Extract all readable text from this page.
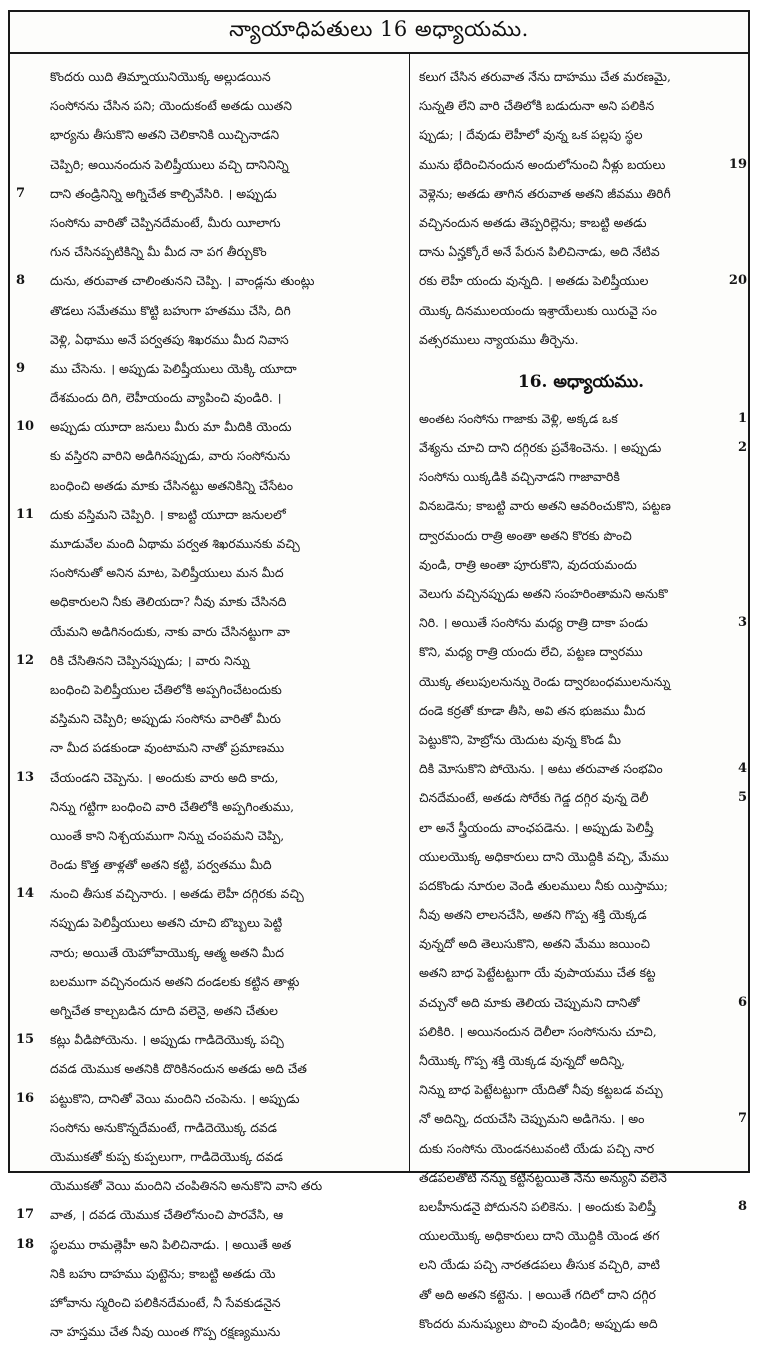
న్యాయాధిపతులు 16 అధ్యాయము.
కొందరు యిది తిమ్నాయునియొక్క అల్లుడయిన
సంసోనను చేసిన పని; యెందుకంటే అతడు యితని
భార్యను తీసుకొని అతని చెలికానికి యిచ్చినాడని
చెప్పిరి; అయినందున పెలిష్తీయులు వచ్చి దానినిన్ని
7 దాని తండ్రినిన్ని అగ్నిచేత కాల్చివేసిరి. । అప్పుడు
సంసోను వారితో చెప్పినదేమంటే, మీరు యీలాగు
గున చేసినప్పటికిన్ని మీ మీద నా పగ తీర్చుకొం
8 దును, తరువాత చాలింతునని చెప్పి. । వాండ్లను తుంట్లు
తొడలు సమేతము కొట్టి బహుగా హతము చేసి, దిగి
వెళ్లి, ఏథాము అనే పర్వతపు శిఖరము మీద నివాస
9 ము చేసెను. । అప్పుడు పెలిష్తీయులు యెక్కి యూదా
దేశమందు దిగి, లెహీయందు వ్యాపించి వుండిరి. ।
10 అప్పుడు యూదా జనులు మీరు మా మీదికి యెందు
కు వస్తిరని వారిని అడిగినప్పుడు, వారు సంసోనును
బంధించి అతడు మాకు చేసినట్టు అతనికిన్ని చేసేటం
11 దుకు వస్తిమని చెప్పిరి. । కాబట్టి యూదా జనులలో
మూడువేల మంది ఏథామ పర్వత శిఖరమునకు వచ్చి
సంసోనుతో అనిన మాట, పెలిష్తీయులు మన మీద
అధికారులని నీకు తెలియదా? నీవు మాకు చేసినది
యేమని అడిగినందుకు, నాకు వారు చేసినట్టుగా వా
12 రికి చేసితినని చెప్పినప్పుడు; । వారు నిన్ను
బంధించి పెలిష్తీయుల చేతిలోకి అప్పగించేటందుకు
వస్తిమని చెప్పిరి; అప్పుడు సంసోను వారితో మీరు
నా మీద పడకుండా వుంటామని నాతో ప్రమాణము
13 చేయండని చెప్పెను. । అందుకు వారు అది కాదు,
నిన్ను గట్టిగా బంధించి వారి చేతిలోకి అప్పగింతుము,
యింతే కాని నిశ్చయముగా నిన్ను చంపమని చెప్పి,
రెండు కొత్త తాళ్లతో అతని కట్టి, పర్వతము మీది
14 నుంచి తీసుక వచ్చినారు. । అతడు లెహీ దగ్గిరకు వచ్చి
నప్పుడు పెలిష్తీయులు అతని చూచి బొబ్బలు పెట్టి
నారు; అయితే యెహోవాయొక్క ఆత్మ అతని మీద
బలముగా వచ్చినందున అతని దండలకు కట్టిన తాళ్లు
అగ్నిచేత కాల్చబడిన దూది వలెనై, అతని చేతుల
15 కట్లు వీడిపోయెను. । అప్పుడు గాడిదెయొక్క పచ్చి
దవడ యెముక అతనికి దొరికినందున అతడు అది చేత
16 పట్టుకొని, దానితో వెయి మందిని చంపెను. । అప్పుడు
సంసోను అనుకొన్నదేమంటే, గాడిదెయొక్క దవడ
యెముకతో కుప్ప కుప్పలుగా, గాడిదెయొక్క దవడ
యెముకతో వెయి మందిని చంపితినని అనుకొని వాని తరు
17 వాత, । దవడ యెముక చేతిలోనుంచి పారవేసి, ఆ
18 స్థలము రామత్లెహీ అని పిలిచినాడు. । అయితే అత
నికి బహు దాహము పుట్టెను; కాబట్టి అతడు యె
హోవాను స్మరించి పలికినదేమంటే, నీ సేవకుడనైన
నా హస్తము చేత నీవు యింత గొప్ప రక్షణ్యమును
కలుగ చేసిన తరువాత నేను దాహము చేత మరణమై,
సున్నతి లేని వారి చేతిలోకి బడుదునా అని పలికిన
ప్పుడు; । దేవుడు లెహీలో వున్న ఒక పల్లపు స్థల
19
మును భేదించినందున అందులోనుంచి నీళ్లు బయలు
వెళ్లెను; అతడు తాగిన తరువాత అతని జీవము తిరిగీ
వచ్చినందున అతడు తెప్పరిల్లెను; కాబట్టి అతడు
దాను ఏన్హక్కోరే అనే పేరున పిలిచినాడు, అది నేటివ
20
రకు లెహీ యందు వున్నది. । అతడు పెలిష్తీయుల
యొక్క దినములయందు ఇశ్రాయేలుకు యిరువై సం
వత్సరములు న్యాయము తీర్చెను.
16. అధ్యాయము.
1
అంతట సంసోను గాజాకు వెళ్లి, అక్కడ ఒక
2
వేశ్యను చూచి దాని దగ్గిరకు ప్రవేశించెను. । అప్పుడు
సంసోను యిక్కడికి వచ్చినాడని గాజావారికి
వినబడెను; కాబట్టి వారు అతని ఆవరించుకొని, పట్టణ
ద్వారమందు రాత్రి అంతా అతని కొరకు పొంచి
వుండి, రాత్రి అంతా పూరుకొని, వుదయమందు
వెలుగు వచ్చినప్పుడు అతని సంహరింతామని అనుకొ
3
నిరి. । అయితే సంసోను మధ్య రాత్రి దాకా పండు
కొని, మధ్య రాత్రి యందు లేచి, పట్టణ ద్వారము
యొక్క తలుపులనున్ను రెండు ద్వారబంధములనున్ను
దండె కర్రతో కూడా తీసి, అవి తన భుజము మీద
పెట్టుకొని, హెబ్రోను యెదుట వున్న కొండ మీ
4
దికి మోసుకొని పోయెను. । అటు తరువాత సంభవిం
5
చినదేమంటే, అతడు సోరేకు గెడ్డ దగ్గిర వున్న దెలీ
లా అనే స్త్రీయందు వాంఛపడెను. । అప్పుడు పెలిష్తీ
యులయొక్క అధికారులు దాని యొద్దికి వచ్చి, మేము
పదకొండు నూరుల వెండి తులములు నీకు యిస్తాము;
నీవు అతని లాలనచేసి, అతని గొప్ప శక్తి యెక్కడ
వున్నదో అది తెలుసుకొని, అతని మేము జయించి
అతని బాధ పెట్టేటట్టుగా యే వుపాయము చేత కట్ట
6
వచ్చునో అది మాకు తెలియ చెప్పుమని దానితో
పలికిరి. । అయినందున దెలీలా సంసోనును చూచి,
నీయొక్క గొప్ప శక్తి యెక్కడ వున్నదో అదిన్ని,
నిన్ను బాధ పెట్టేటట్టుగా యేదితో నీవు కట్టబడ వచ్చు
7
నో అదిన్ని, దయచేసి చెప్పుమని అడిగెను. । అం
దుకు సంసోను యెండనటువంటి యేడు పచ్చి నార
తడపలతోటి నన్ను కట్టినట్టయితే నేను అన్యుని వలెనే
8
బలహీనుడనై పోదునని పలికెను. । అందుకు పెలిష్తీ
యులయొక్క అధికారులు దాని యొద్దికి యెండ తగ
లని యేడు పచ్చి నారతడపలు తీసుక వచ్చిరి, వాటి
తో అది అతని కట్టెను. । అయితే గదిలో దాని దగ్గిర
కొందరు మనుష్యులు పొంచి వుండిరి; అప్పుడు అది
